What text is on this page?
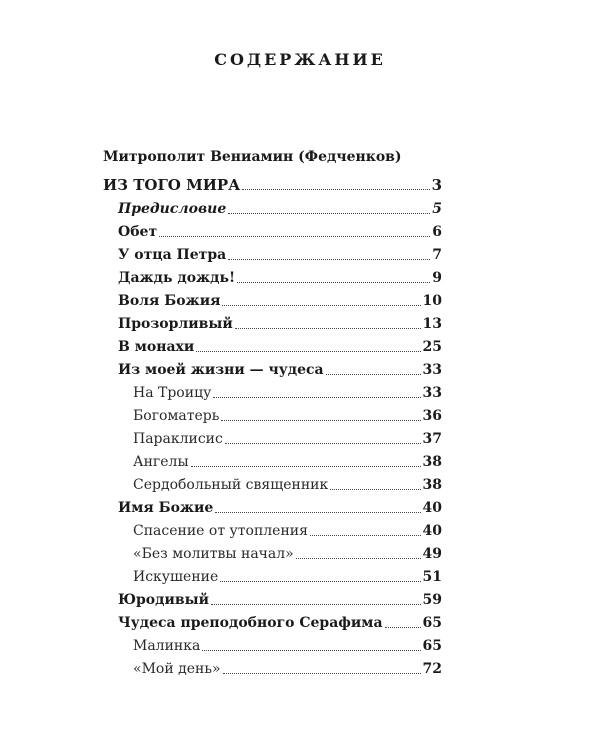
СОДЕРЖАНИЕ
Митрополит Вениамин (Федченков)
ИЗ ТОГО МИРА	3
Предисловие	5
Обет	6
У отца Петра	7
Даждь дождь!	9
Воля Божия	10
Прозорливый	13
В монахи	25
Из моей жизни — чудеса	33
На Троицу	33
Богоматерь	36
Параклисис	37
Ангелы	38
Сердобольный священник	38
Имя Божие	40
Спасение от утопления	40
«Без молитвы начал»	49
Искушение	51
Юродивый	59
Чудеса преподобного Серафима	65
Малинка	65
«Мой день»	72
